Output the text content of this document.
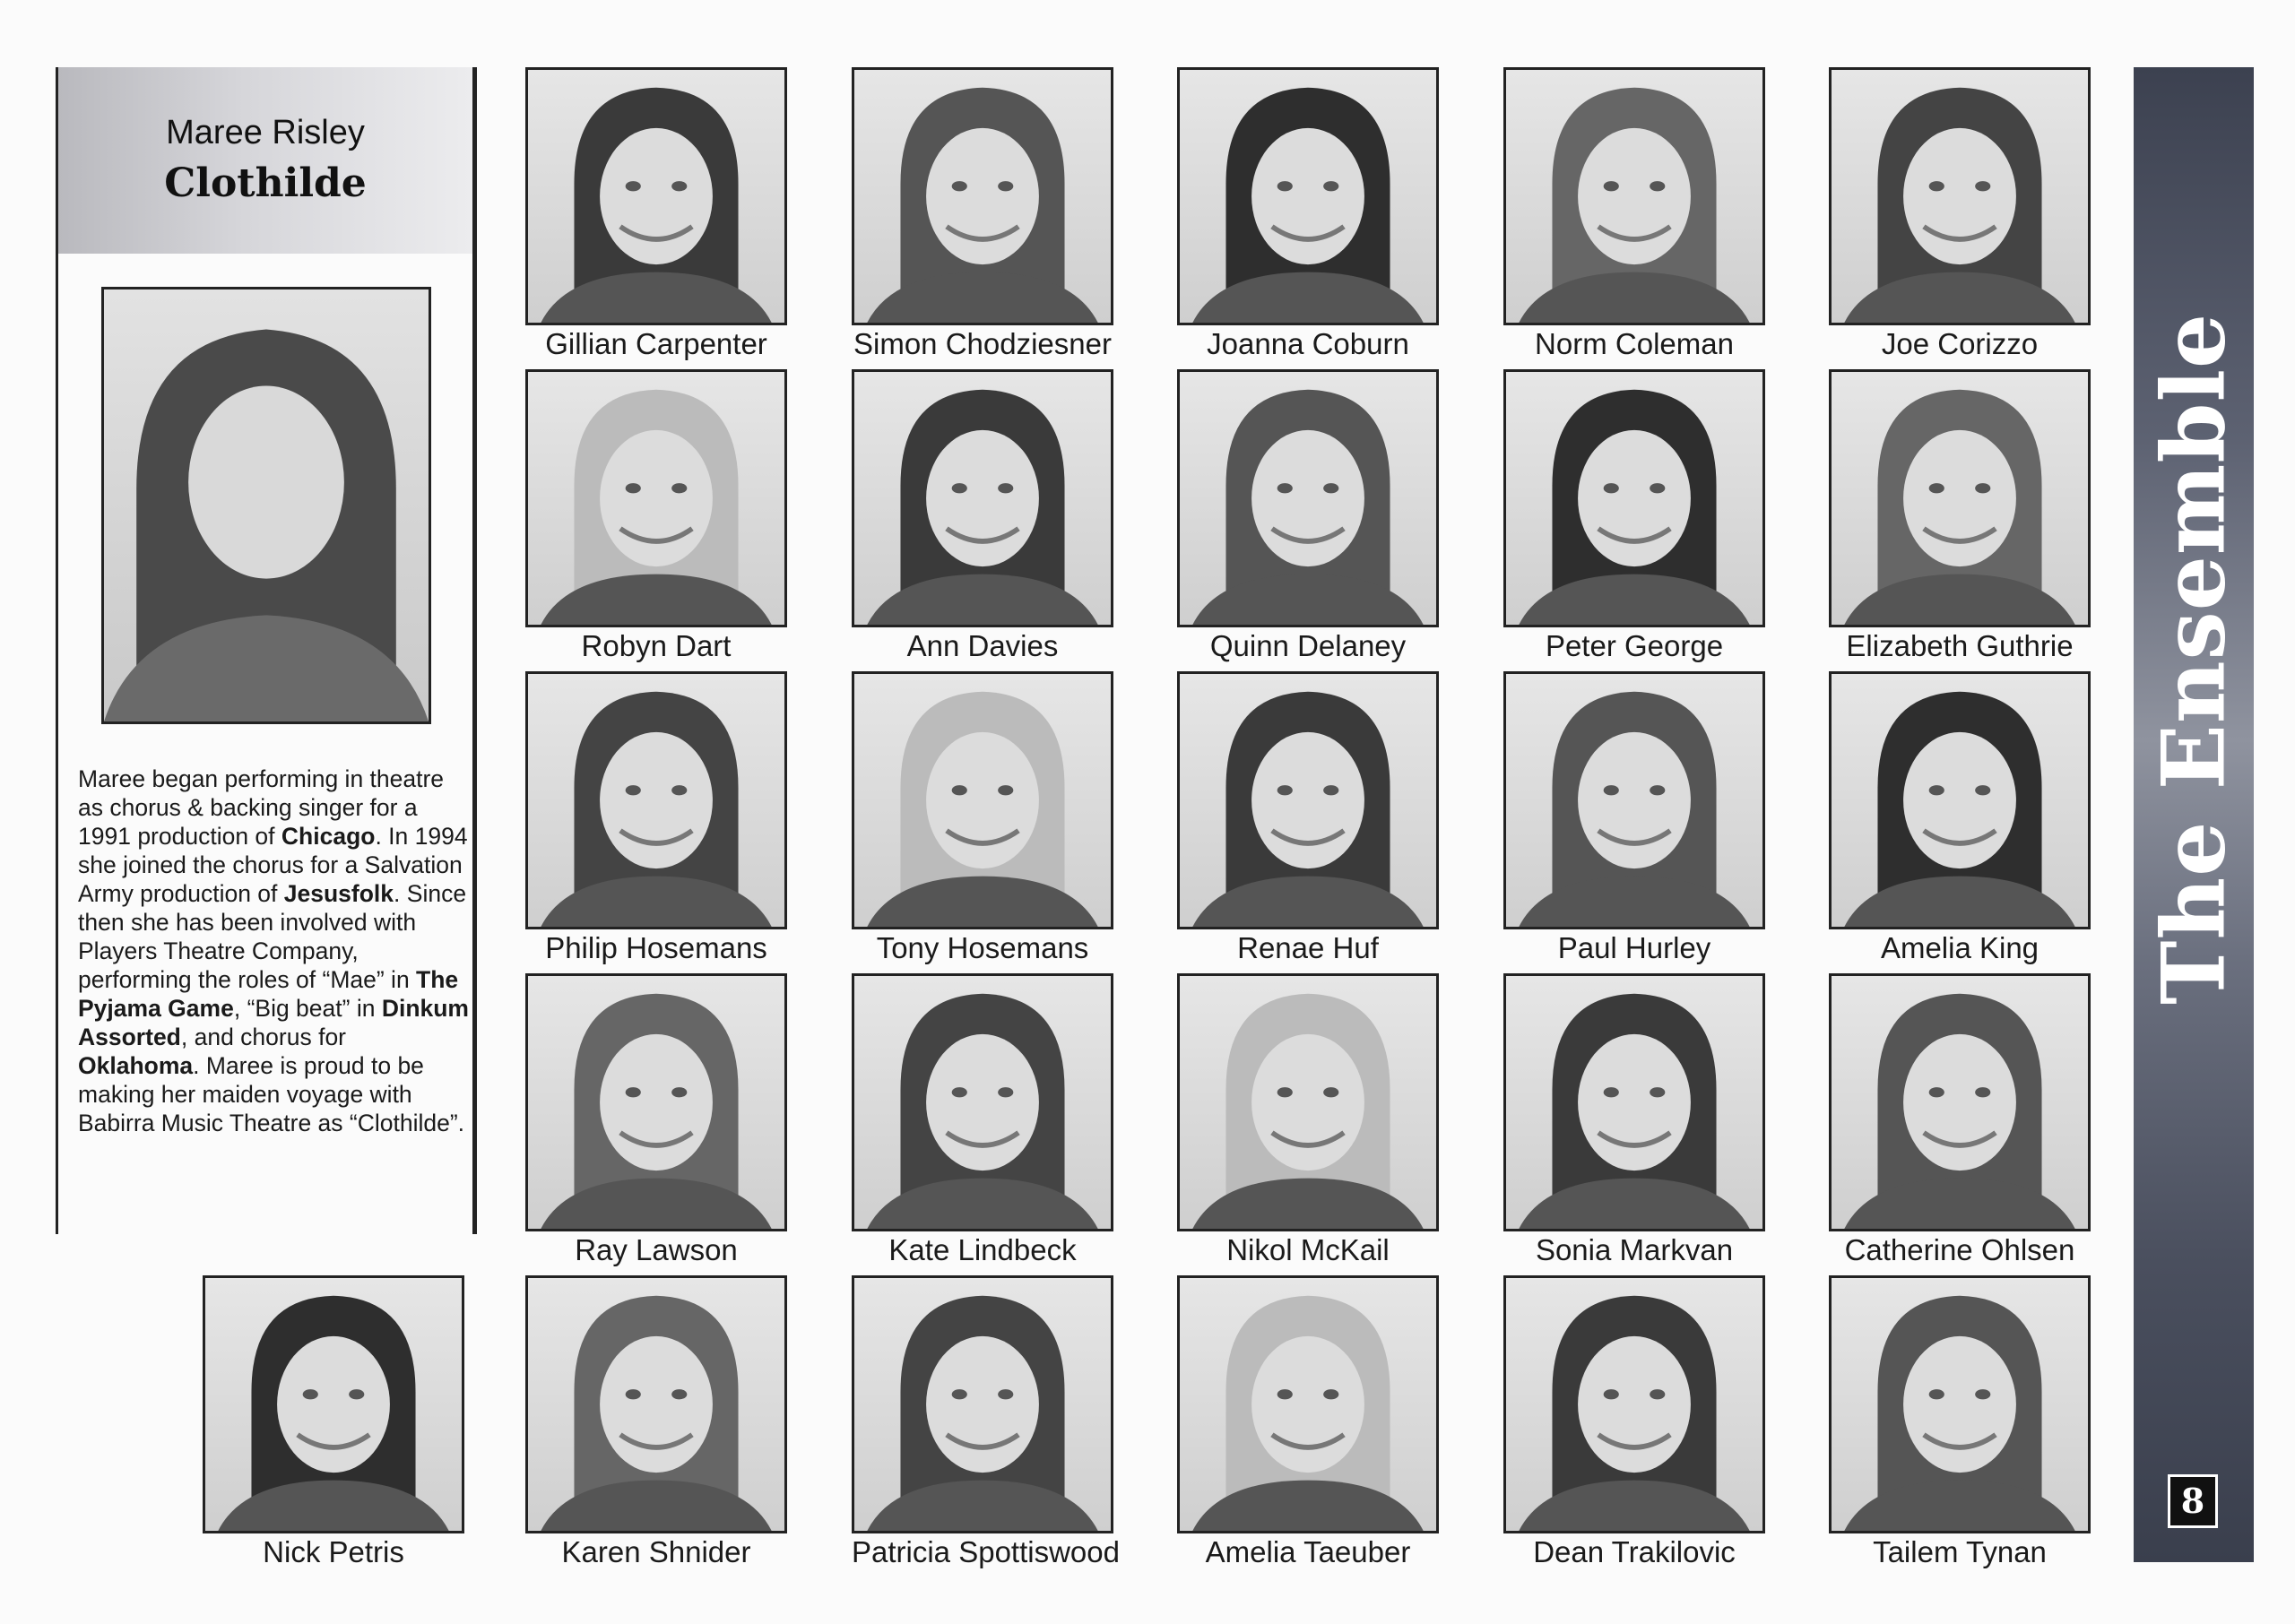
Maree Risley
Clothilde
Maree began performing in theatre as chorus & backing singer for a 1991 production of Chicago. In 1994 she joined the chorus for a Salvation Army production of Jesusfolk. Since then she has been involved with Players Theatre Company, performing the roles of “Mae” in The Pyjama Game, “Big beat” in Dinkum Assorted, and chorus for Oklahoma. Maree is proud to be making her maiden voyage with Babirra Music Theatre as “Clothilde”.
Gillian Carpenter	Simon Chodziesner	Joanna Coburn	Norm Coleman	Joe Corizzo
Robyn Dart	Ann Davies	Quinn Delaney	Peter George	Elizabeth Guthrie
Philip Hosemans	Tony Hosemans	Renae Huf	Paul Hurley	Amelia King
Ray Lawson	Kate Lindbeck	Nikol McKail	Sonia Markvan	Catherine Ohlsen
Nick Petris	Karen Shnider	Patricia Spottiswood	Amelia Taeuber	Dean Trakilovic	Tailem Tynan
The Ensemble
8
